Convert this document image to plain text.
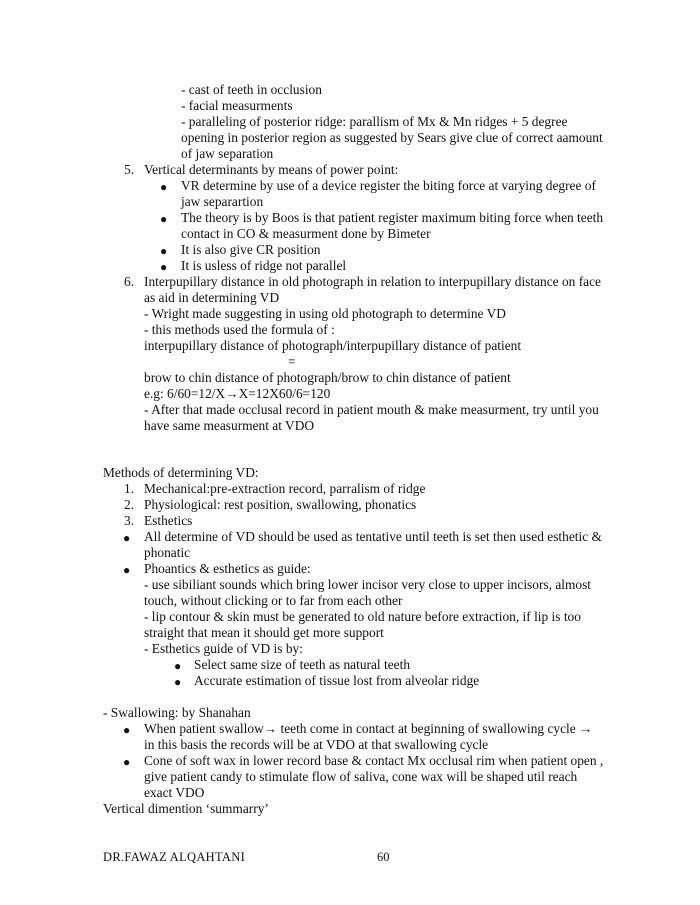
- cast of teeth in occlusion
- facial measurments
- paralleling of posterior ridge: parallism of Mx & Mn ridges + 5 degree
opening in posterior region as suggested by Sears give clue of correct aamount
of jaw separation
5. Vertical determinants by means of power point:
● VR determine by use of a device register the biting force at varying degree of
jaw separartion
● The theory is by Boos is that patient register maximum biting force when teeth
contact in CO & measurment done by Bimeter
● It is also give CR position
● It is usless of ridge not parallel
6. Interpupillary distance in old photograph in relation to interpupillary distance on face
as aid in determining VD
- Wright made suggesting in using old photograph to determine VD
- this methods used the formula of :
interpupillary distance of photograph/interpupillary distance of patient
=
brow to chin distance of photograph/brow to chin distance of patient
e.g: 6/60=12/X→X=12X60/6=120
- After that made occlusal record in patient mouth & make measurment, try until you
have same measurment at VDO
Methods of determining VD:
1. Mechanical:pre-extraction record, parralism of ridge
2. Physiological: rest position, swallowing, phonatics
3. Esthetics
● All determine of VD should be used as tentative until teeth is set then used esthetic &
phonatic
● Phoantics & esthetics as guide:
- use sibiliant sounds which bring lower incisor very close to upper incisors, almost
touch, without clicking or to far from each other
- lip contour & skin must be generated to old nature before extraction, if lip is too
straight that mean it should get more support
- Esthetics guide of VD is by:
● Select same size of teeth as natural teeth
● Accurate estimation of tissue lost from alveolar ridge
- Swallowing: by Shanahan
● When patient swallow→ teeth come in contact at beginning of swallowing cycle →
in this basis the records will be at VDO at that swallowing cycle
● Cone of soft wax in lower record base & contact Mx occlusal rim when patient open ,
give patient candy to stimulate flow of saliva, cone wax will be shaped util reach
exact VDO
Vertical dimention ‘summarry’
DR.FAWAZ ALQAHTANI	60
